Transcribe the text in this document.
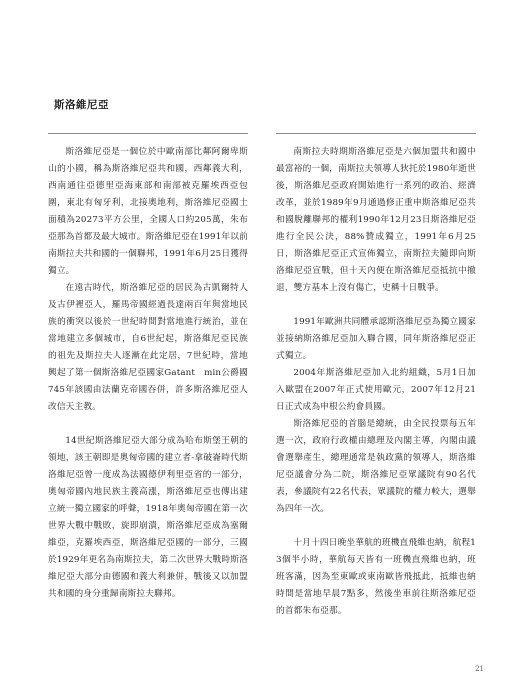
斯洛維尼亞

斯洛維尼亞是一個位於中歐南部比鄰阿爾卑斯山的小國，稱為斯洛維尼亞共和國，西鄰義大利，西南通往亞德里亞海東部和南部被克羅埃西亞包圍，東北有匈牙利，北接奧地利，斯洛維尼亞國土面積為20273平方公里，全國人口約205萬，朱布亞那為首都及最大城市。斯洛維尼亞在1991年以前南斯拉夫共和國的一個聯邦，1991年6月25日獲得獨立。

在遠古時代，斯洛維尼亞的居民為古凱爾特人及古伊裡亞人，羅馬帝國經過長達兩百年與當地民族的衝突以後於一世紀時間對當地進行統治，並在當地建立多個城市，自6世紀起，斯洛維尼亞民族的祖先及斯拉夫人逐漸在此定居，7世紀時，當地興起了第一個斯洛維尼亞國家Gatant　min公爵國　745年該國由法蘭克帝國吞併，許多斯洛維尼亞人改信天主教。

14世紀斯洛維尼亞大部分成為哈布斯堡王朝的領地，該王朝即是奧匈帝國的建立者-拿破崙時代斯洛維尼亞曾一度成為法國德伊利里亞省的一部分，奧匈帝國內地民族主義高漲，斯洛維尼亞也傳出建立統一獨立國家的呼聲，1918年奧匈帝國在第一次世界大戰中戰敗，旋即崩潰，斯洛維尼亞成為塞爾維亞，克羅埃西亞，斯洛維尼亞國的一部分，三國於1929年更名為南斯拉夫，第二次世界大戰時斯洛維尼亞大部分由德國和義大利兼併，戰後又以加盟共和國的身分重歸南斯拉夫聯邦。

南斯拉夫時期斯洛維尼亞是六個加盟共和國中最富裕的一個，南斯拉夫領導人狄托於1980年逝世後，斯洛維尼亞政府開始進行一系列的政治、經濟改革，並於1989年9月通過修正重申斯洛維尼亞共和國脫離聯邦的權利1990年12月23日斯洛維尼亞進行全民公決，88%贊成獨立，1991年6月25日，斯洛維尼亞正式宣佈獨立，南斯拉夫隨即向斯洛維尼亞宣戰，但十天內便在斯洛維尼亞抵抗中撤退，雙方基本上沒有傷亡，史稱十日戰爭。

1991年歐洲共同體承認斯洛維尼亞為獨立國家並接納斯洛維尼亞加入聯合國，同年斯洛維尼亞正式獨立。

2004年斯洛維尼亞加入北約組織，5月1日加入歐盟在2007年正式使用歐元，2007年12月21日正式成為申根公約會員國。

斯洛維尼亞的首腦是總統，由全民投票每五年選一次，政府行政權由總理及內閣主導，內閣由議會選舉產生，總理通常是執政黨的領導人，斯洛維尼亞議會分為二院，斯洛維尼亞眾議院有90名代表，參議院有22名代表，眾議院的權力較大，選舉為四年一次。

十月十四日晚坐華航的班機直飛維也納，航程13個半小時，華航每天皆有一班機直飛維也納，班班客滿，因為至東歐或東南歐皆飛抵此，抵維也納時間是當地早晨7點多，然後坐車前往斯洛維尼亞的首都朱布亞那。

21
